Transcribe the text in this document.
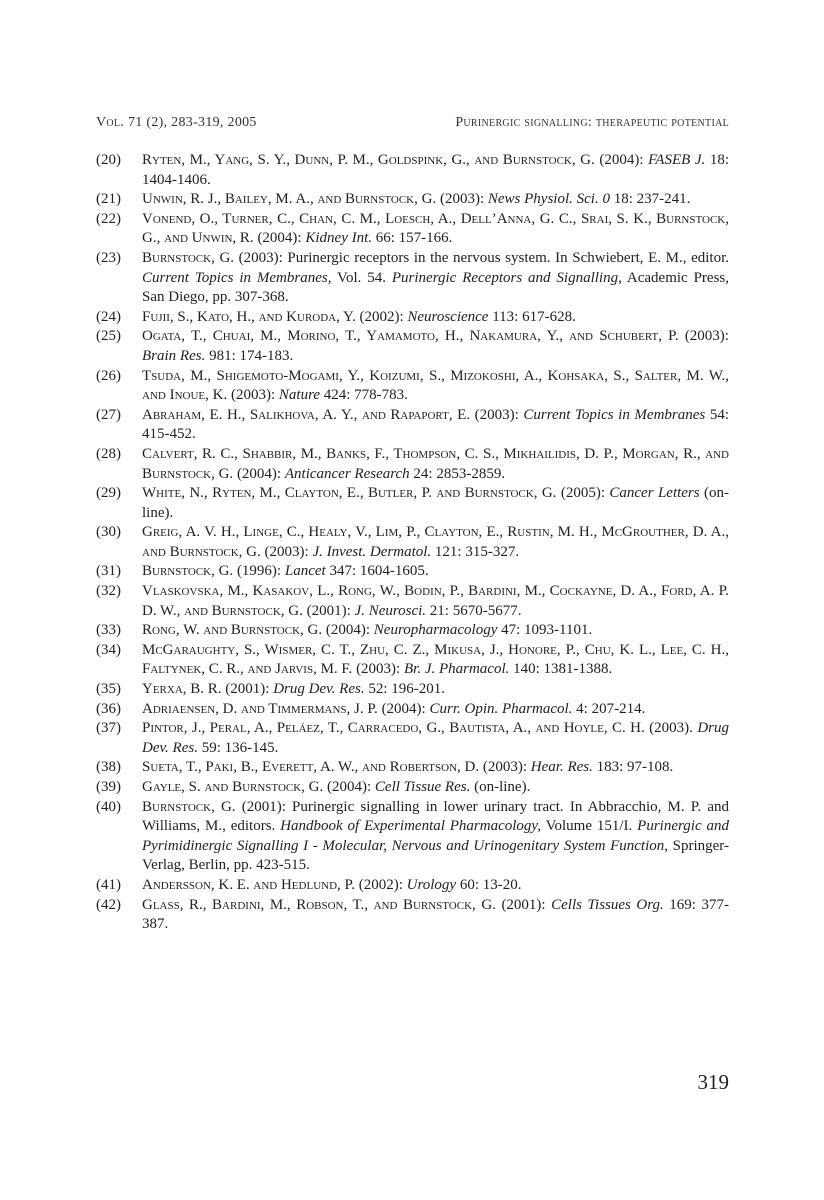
Vol. 71 (2), 283-319, 2005	Purinergic signalling: therapeutic potential
(20) Ryten, M., Yang, S. Y., Dunn, P. M., Goldspink, G., and Burnstock, G. (2004): FASEB J. 18: 1404-1406.
(21) Unwin, R. J., Bailey, M. A., and Burnstock, G. (2003): News Physiol. Sci. 0 18: 237-241.
(22) Vonend, O., Turner, C., Chan, C. M., Loesch, A., Dell’Anna, G. C., Srai, S. K., Burnstock, G., and Unwin, R. (2004): Kidney Int. 66: 157-166.
(23) Burnstock, G. (2003): Purinergic receptors in the nervous system. In Schwiebert, E. M., editor. Current Topics in Membranes, Vol. 54. Purinergic Receptors and Signalling, Academic Press, San Diego, pp. 307-368.
(24) Fujii, S., Kato, H., and Kuroda, Y. (2002): Neuroscience 113: 617-628.
(25) Ogata, T., Chuai, M., Morino, T., Yamamoto, H., Nakamura, Y., and Schubert, P. (2003): Brain Res. 981: 174-183.
(26) Tsuda, M., Shigemoto-Mogami, Y., Koizumi, S., Mizokoshi, A., Kohsaka, S., Salter, M. W., and Inoue, K. (2003): Nature 424: 778-783.
(27) Abraham, E. H., Salikhova, A. Y., and Rapaport, E. (2003): Current Topics in Membranes 54: 415-452.
(28) Calvert, R. C., Shabbir, M., Banks, F., Thompson, C. S., Mikhailidis, D. P., Morgan, R., and Burnstock, G. (2004): Anticancer Research 24: 2853-2859.
(29) White, N., Ryten, M., Clayton, E., Butler, P. and Burnstock, G. (2005): Cancer Letters (on-line).
(30) Greig, A. V. H., Linge, C., Healy, V., Lim, P., Clayton, E., Rustin, M. H., McGrouther, D. A., and Burnstock, G. (2003): J. Invest. Dermatol. 121: 315-327.
(31) Burnstock, G. (1996): Lancet 347: 1604-1605.
(32) Vlaskovska, M., Kasakov, L., Rong, W., Bodin, P., Bardini, M., Cockayne, D. A., Ford, A. P. D. W., and Burnstock, G. (2001): J. Neurosci. 21: 5670-5677.
(33) Rong, W. and Burnstock, G. (2004): Neuropharmacology 47: 1093-1101.
(34) McGaraughty, S., Wismer, C. T., Zhu, C. Z., Mikusa, J., Honore, P., Chu, K. L., Lee, C. H., Faltynek, C. R., and Jarvis, M. F. (2003): Br. J. Pharmacol. 140: 1381-1388.
(35) Yerxa, B. R. (2001): Drug Dev. Res. 52: 196-201.
(36) Adriaensen, D. and Timmermans, J. P. (2004): Curr. Opin. Pharmacol. 4: 207-214.
(37) Pintor, J., Peral, A., Peláez, T., Carracedo, G., Bautista, A., and Hoyle, C. H. (2003). Drug Dev. Res. 59: 136-145.
(38) Sueta, T., Paki, B., Everett, A. W., and Robertson, D. (2003): Hear. Res. 183: 97-108.
(39) Gayle, S. and Burnstock, G. (2004): Cell Tissue Res. (on-line).
(40) Burnstock, G. (2001): Purinergic signalling in lower urinary tract. In Abbracchio, M. P. and Williams, M., editors. Handbook of Experimental Pharmacology, Volume 151/I. Purinergic and Pyrimidinergic Signalling I - Molecular, Nervous and Urinogenitary System Function, Springer-Verlag, Berlin, pp. 423-515.
(41) Andersson, K. E. and Hedlund, P. (2002): Urology 60: 13-20.
(42) Glass, R., Bardini, M., Robson, T., and Burnstock, G. (2001): Cells Tissues Org. 169: 377-387.
319
